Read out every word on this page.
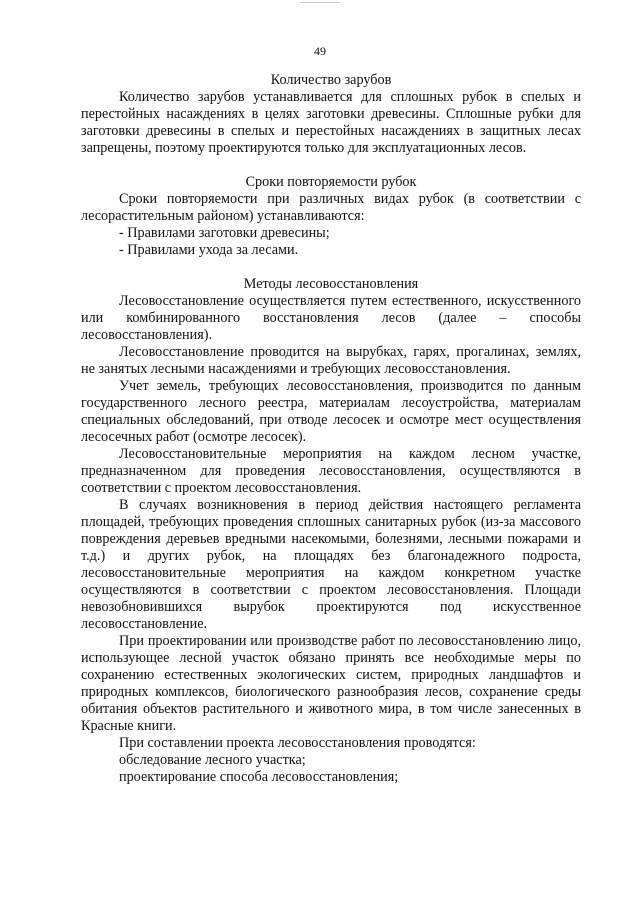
49

Количество зарубов

Количество зарубов устанавливается для сплошных рубок в спелых и перестойных насаждениях в целях заготовки древесины. Сплошные рубки для заготовки древесины в спелых и перестойных насаждениях в защитных лесах запрещены, поэтому проектируются только для эксплуатационных лесов.

Сроки повторяемости рубок

Сроки повторяемости при различных видах рубок (в соответствии с лесорастительным районом) устанавливаются:

- Правилами заготовки древесины;

- Правилами ухода за лесами.

Методы лесовосстановления

Лесовосстановление осуществляется путем естественного, искусственного или комбинированного восстановления лесов (далее – способы лесовосстановления).

Лесовосстановление проводится на вырубках, гарях, прогалинах, землях, не занятых лесными насаждениями и требующих лесовосстановления.

Учет земель, требующих лесовосстановления, производится по данным государственного лесного реестра, материалам лесоустройства, материалам специальных обследований, при отводе лесосек и осмотре мест осуществления лесосечных работ (осмотре лесосек).

Лесовосстановительные мероприятия на каждом лесном участке, предназначенном для проведения лесовосстановления, осуществляются в соответствии с проектом лесовосстановления.

В случаях возникновения в период действия настоящего регламента площадей, требующих проведения сплошных санитарных рубок (из-за массового повреждения деревьев вредными насекомыми, болезнями, лесными пожарами и т.д.) и других рубок, на площадях без благонадежного подроста, лесовосстановительные мероприятия на каждом конкретном участке осуществляются в соответствии с проектом лесовосстановления. Площади невозобновившихся вырубок проектируются под искусственное лесовосстановление.

При проектировании или производстве работ по лесовосстановлению лицо, использующее лесной участок обязано принять все необходимые меры по сохранению естественных экологических систем, природных ландшафтов и природных комплексов, биологического разнообразия лесов, сохранение среды обитания объектов растительного и животного мира, в том числе занесенных в Красные книги.

При составлении проекта лесовосстановления проводятся:

обследование лесного участка;

проектирование способа лесовосстановления;
